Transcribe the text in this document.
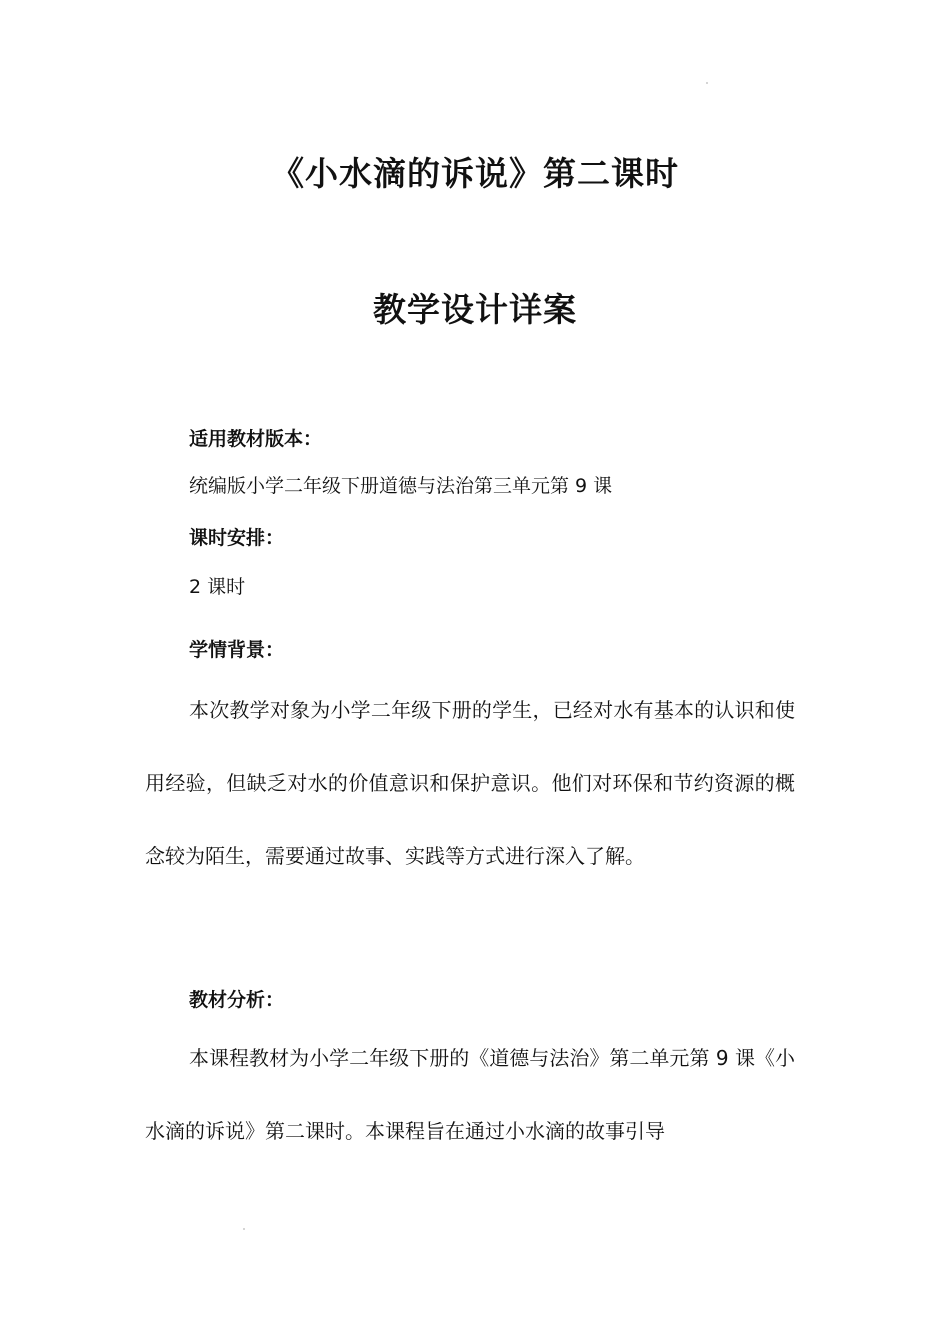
《小水滴的诉说》第二课时
教学设计详案
适用教材版本：
统编版小学二年级下册道德与法治第三单元第 9 课
课时安排：
2 课时
学情背景：

本次教学对象为小学二年级下册的学生，已经对水有基本的认识和使用经验，但缺乏对水的价值意识和保护意识。他们对环保和节约资源的概念较为陌生，需要通过故事、实践等方式进行深入了解。

教材分析：

本课程教材为小学二年级下册的《道德与法治》第二单元第 9 课《小水滴的诉说》第二课时。本课程旨在通过小水滴的故事引导
